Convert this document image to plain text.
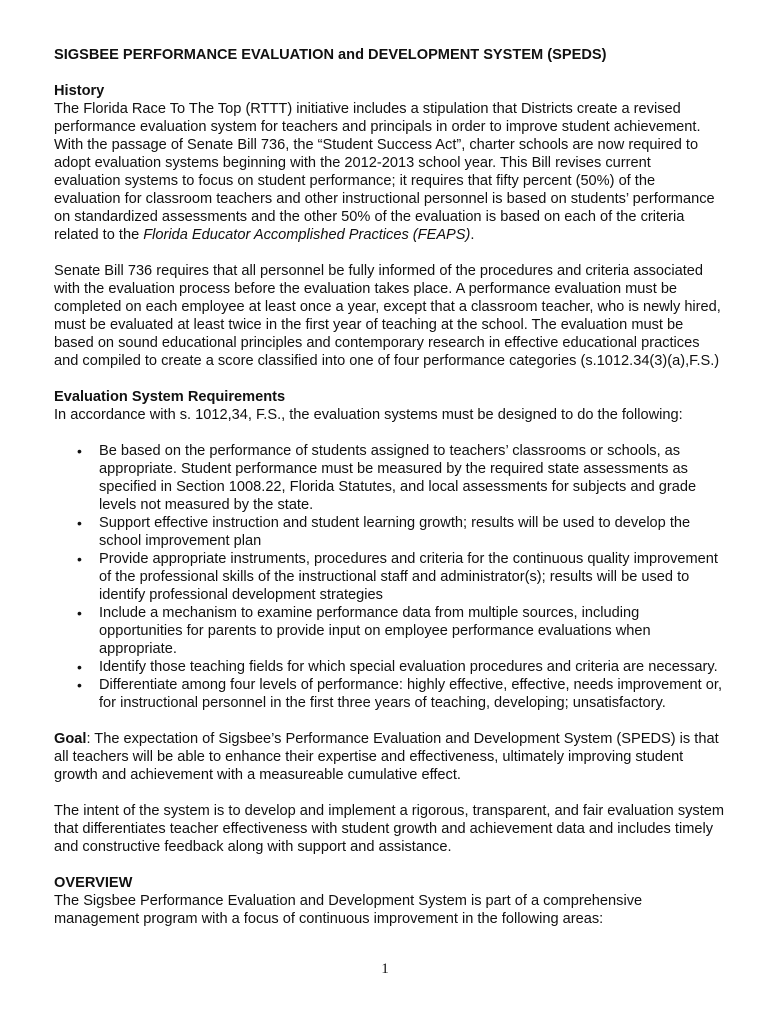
SIGSBEE PERFORMANCE EVALUATION and DEVELOPMENT SYSTEM (SPEDS)
History
The Florida Race To The Top (RTTT) initiative includes a stipulation that Districts create a revised
performance evaluation system for teachers and principals in order to improve student achievement.
With the passage of Senate Bill 736, the “Student Success Act”, charter schools are now required to
adopt evaluation systems beginning with the 2012-2013 school year. This Bill revises current
evaluation systems to focus on student performance; it requires that fifty percent (50%) of the
evaluation for classroom teachers and other instructional personnel is based on students’ performance
on standardized assessments and the other 50% of the evaluation is based on each of the criteria
related to the Florida Educator Accomplished Practices (FEAPS).
Senate Bill 736 requires that all personnel be fully informed of the procedures and criteria associated
with the evaluation process before the evaluation takes place. A performance evaluation must be
completed on each employee at least once a year, except that a classroom teacher, who is newly hired,
must be evaluated at least twice in the first year of teaching at the school. The evaluation must be
based on sound educational principles and contemporary research in effective educational practices
and compiled to create a score classified into one of four performance categories (s.1012.34(3)(a),F.S.)
Evaluation System Requirements
In accordance with s. 1012,34, F.S., the evaluation systems must be designed to do the following:
• Be based on the performance of students assigned to teachers’ classrooms or schools, as
appropriate. Student performance must be measured by the required state assessments as
specified in Section 1008.22, Florida Statutes, and local assessments for subjects and grade
levels not measured by the state.
• Support effective instruction and student learning growth; results will be used to develop the
school improvement plan
• Provide appropriate instruments, procedures and criteria for the continuous quality improvement
of the professional skills of the instructional staff and administrator(s); results will be used to
identify professional development strategies
• Include a mechanism to examine performance data from multiple sources, including
opportunities for parents to provide input on employee performance evaluations when
appropriate.
• Identify those teaching fields for which special evaluation procedures and criteria are necessary.
• Differentiate among four levels of performance: highly effective, effective, needs improvement or,
for instructional personnel in the first three years of teaching, developing; unsatisfactory.
Goal: The expectation of Sigsbee’s Performance Evaluation and Development System (SPEDS) is that
all teachers will be able to enhance their expertise and effectiveness, ultimately improving student
growth and achievement with a measureable cumulative effect.
The intent of the system is to develop and implement a rigorous, transparent, and fair evaluation system
that differentiates teacher effectiveness with student growth and achievement data and includes timely
and constructive feedback along with support and assistance.
OVERVIEW
The Sigsbee Performance Evaluation and Development System is part of a comprehensive
management program with a focus of continuous improvement in the following areas:
1
